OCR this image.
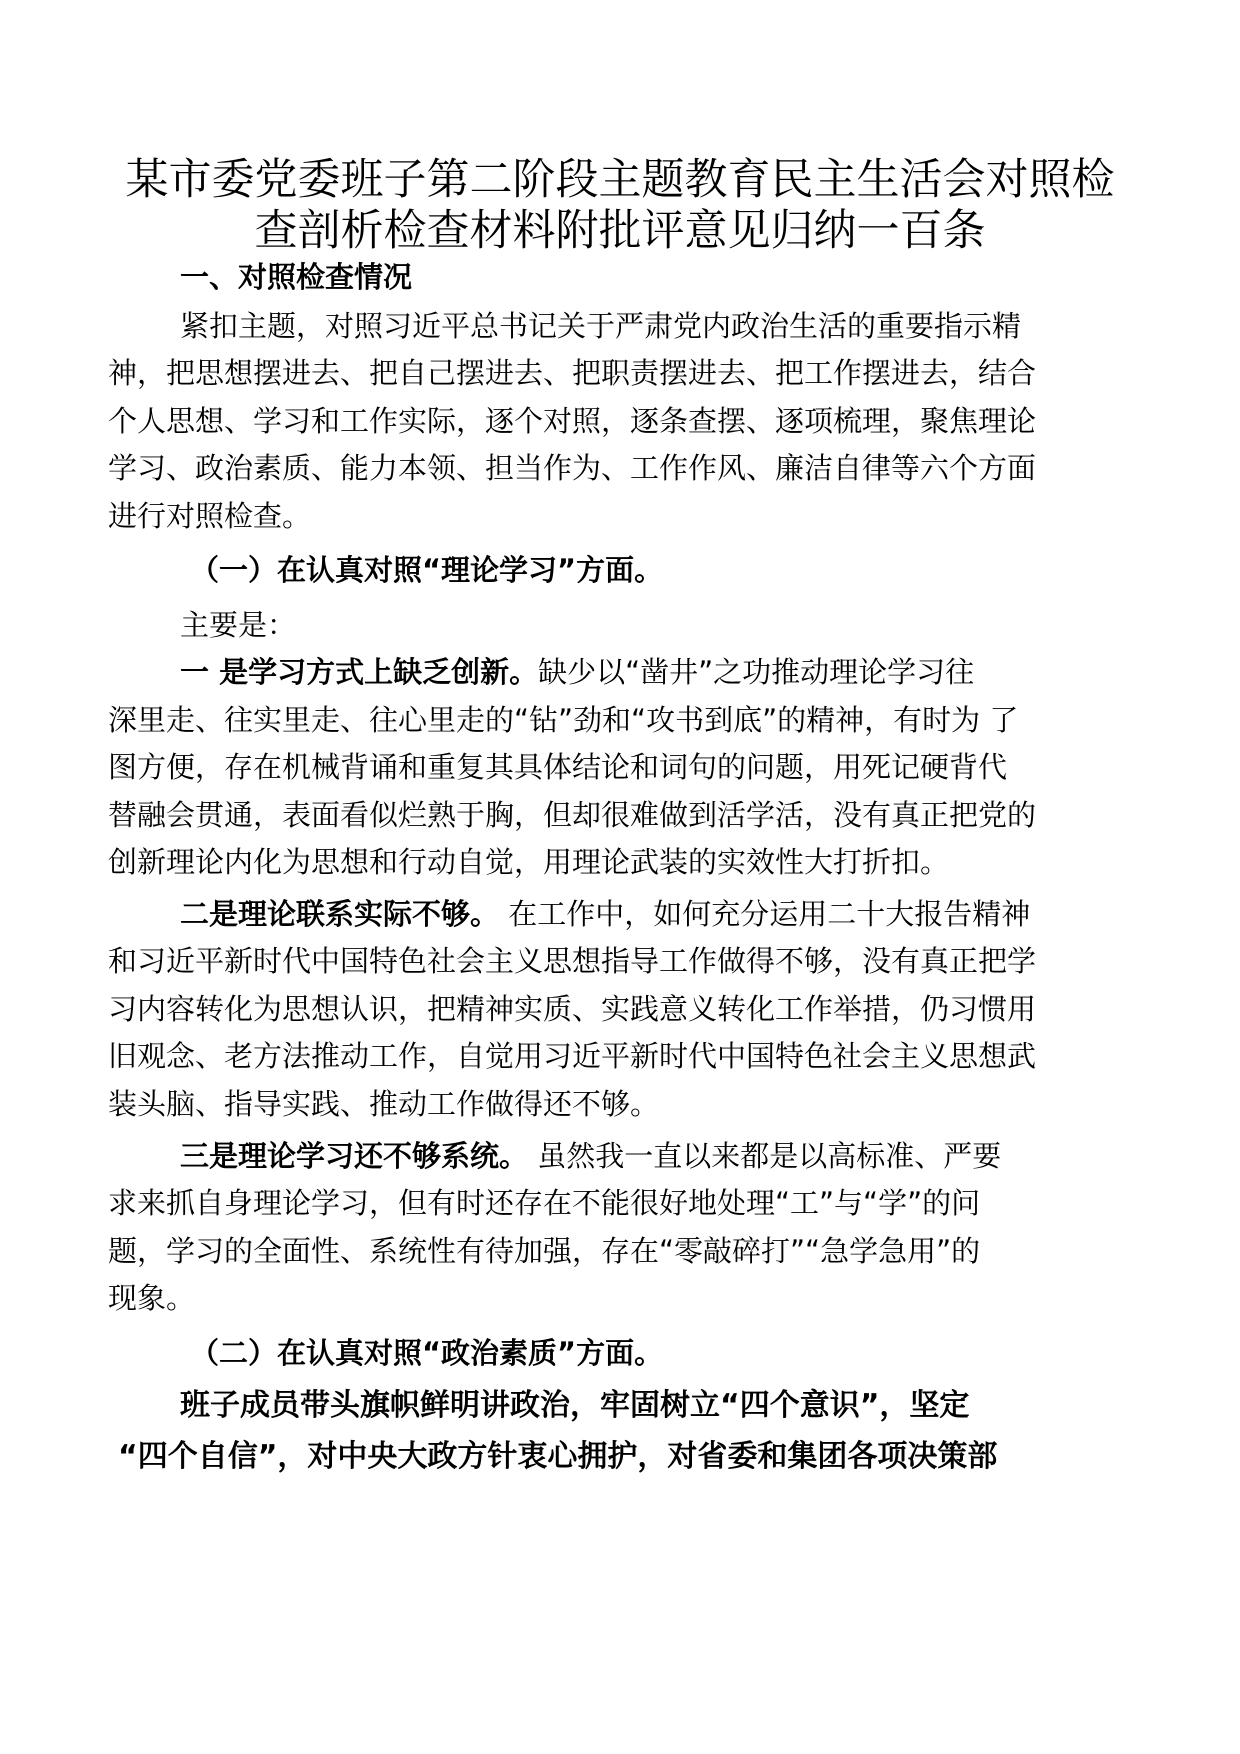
某市委党委班子第二阶段主题教育民主生活会对照检
查剖析检查材料附批评意见归纳一百条
一、对照检查情况
紧扣主题，对照习近平总书记关于严肃党内政治生活的重要指示精
神，把思想摆进去、把自己摆进去、把职责摆进去、把工作摆进去，结合
个人思想、学习和工作实际，逐个对照，逐条查摆、逐项梳理，聚焦理论
学习、政治素质、能力本领、担当作为、工作作风、廉洁自律等六个方面
进行对照检查。
（一）在认真对照“理论学习”方面。
主要是：
一 是学习方式上缺乏创新。缺少以“凿井”之功推动理论学习往
深里走、往实里走、往心里走的“钻”劲和“攻书到底”的精神，有时为 了
图方便，存在机械背诵和重复其具体结论和词句的问题，用死记硬背代
替融会贯通，表面看似烂熟于胸，但却很难做到活学活，没有真正把党的
创新理论内化为思想和行动自觉，用理论武装的实效性大打折扣。
二是理论联系实际不够。 在工作中，如何充分运用二十大报告精神
和习近平新时代中国特色社会主义思想指导工作做得不够，没有真正把学
习内容转化为思想认识，把精神实质、实践意义转化工作举措，仍习惯用
旧观念、老方法推动工作，自觉用习近平新时代中国特色社会主义思想武
装头脑、指导实践、推动工作做得还不够。
三是理论学习还不够系统。 虽然我一直以来都是以高标准、严要
求来抓自身理论学习，但有时还存在不能很好地处理“工”与“学”的问
题，学习的全面性、系统性有待加强，存在“零敲碎打”“急学急用”的
现象。
（二）在认真对照“政治素质”方面。
班子成员带头旗帜鲜明讲政治，牢固树立“四个意识”，坚定
“四个自信”，对中央大政方针衷心拥护，对省委和集团各项决策部
